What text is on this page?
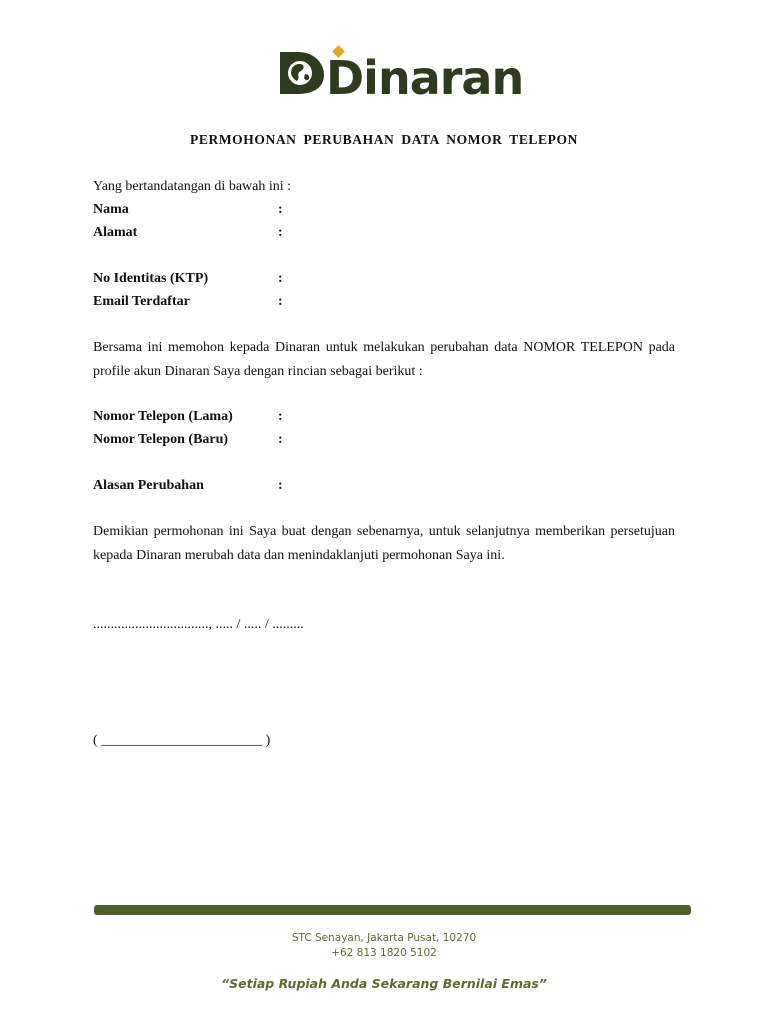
Dinaran
PERMOHONAN PERUBAHAN DATA NOMOR TELEPON
Yang bertandatangan di bawah ini :
Nama	:
Alamat	:
No Identitas (KTP)	:
Email Terdaftar	:
Bersama ini memohon kepada Dinaran untuk melakukan perubahan data NOMOR TELEPON pada profile akun Dinaran Saya dengan rincian sebagai berikut :
Nomor Telepon (Lama)	:
Nomor Telepon (Baru)	:
Alasan Perubahan	:
Demikian permohonan ini Saya buat dengan sebenarnya, untuk selanjutnya memberikan persetujuan kepada Dinaran merubah data dan menindaklanjuti permohonan Saya ini.
................................., ..... / ..... / .........
( _______________________ )
STC Senayan, Jakarta Pusat, 10270
+62 813 1820 5102
“Setiap Rupiah Anda Sekarang Bernilai Emas”
